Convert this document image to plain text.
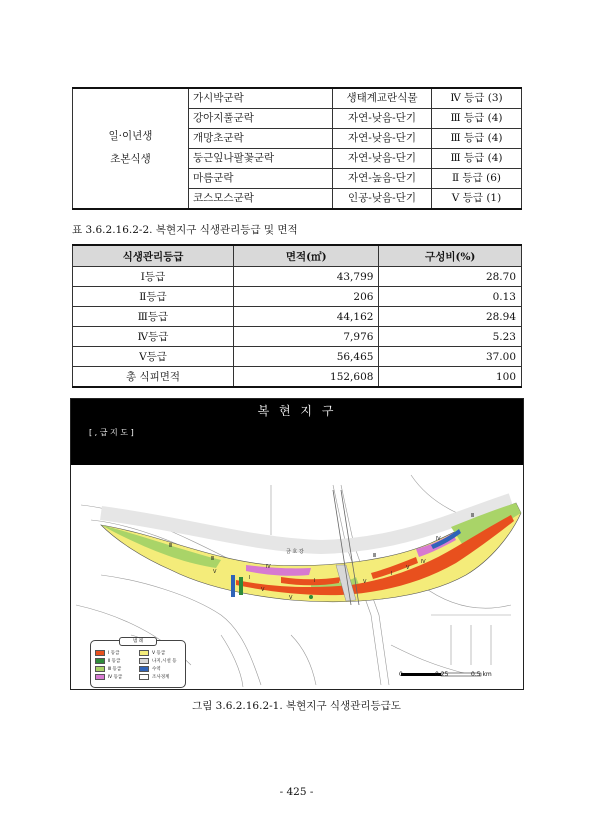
일·이년생

초본식생	가시박군락	생태계교란식물	Ⅳ 등급 (3)
	강아지풀군락	자연-낮음-단기	Ⅲ 등급 (4)
	개망초군락	자연-낮음-단기	Ⅲ 등급 (4)
	둥근잎나팔꽃군락	자연-낮음-단기	Ⅲ 등급 (4)
	마름군락	자연-높음-단기	Ⅱ 등급 (6)
	코스모스군락	인공-낮음-단기	Ⅴ 등급 (1)
표 3.6.2.16.2-2. 복현지구 식생관리등급 및 면적
식생관리등급	면적(㎡)	구성비(%)
Ⅰ등급	43,799	28.70
Ⅱ등급	206	0.13
Ⅲ등급	44,162	28.94
Ⅳ등급	7,976	5.23
Ⅴ등급	56,465	37.00
총 식피면적	152,608	100
복 현 지 구
[ , 급 지 도 ]
금 호 강
Ⅲ
Ⅲ
Ⅴ
Ⅳ
Ⅰ
Ⅴ
Ⅴ
Ⅴ
Ⅲ
Ⅰ
Ⅰ
Ⅴ
Ⅳ
Ⅳ
Ⅲ
0	0.25	0.5 km
범 례
Ⅰ 등급
Ⅱ 등급
Ⅲ 등급
Ⅳ 등급
Ⅴ 등급
나지,시설 등
수역
조사경계
그림 3.6.2.16.2-1. 복현지구 식생관리등급도
- 425 -
